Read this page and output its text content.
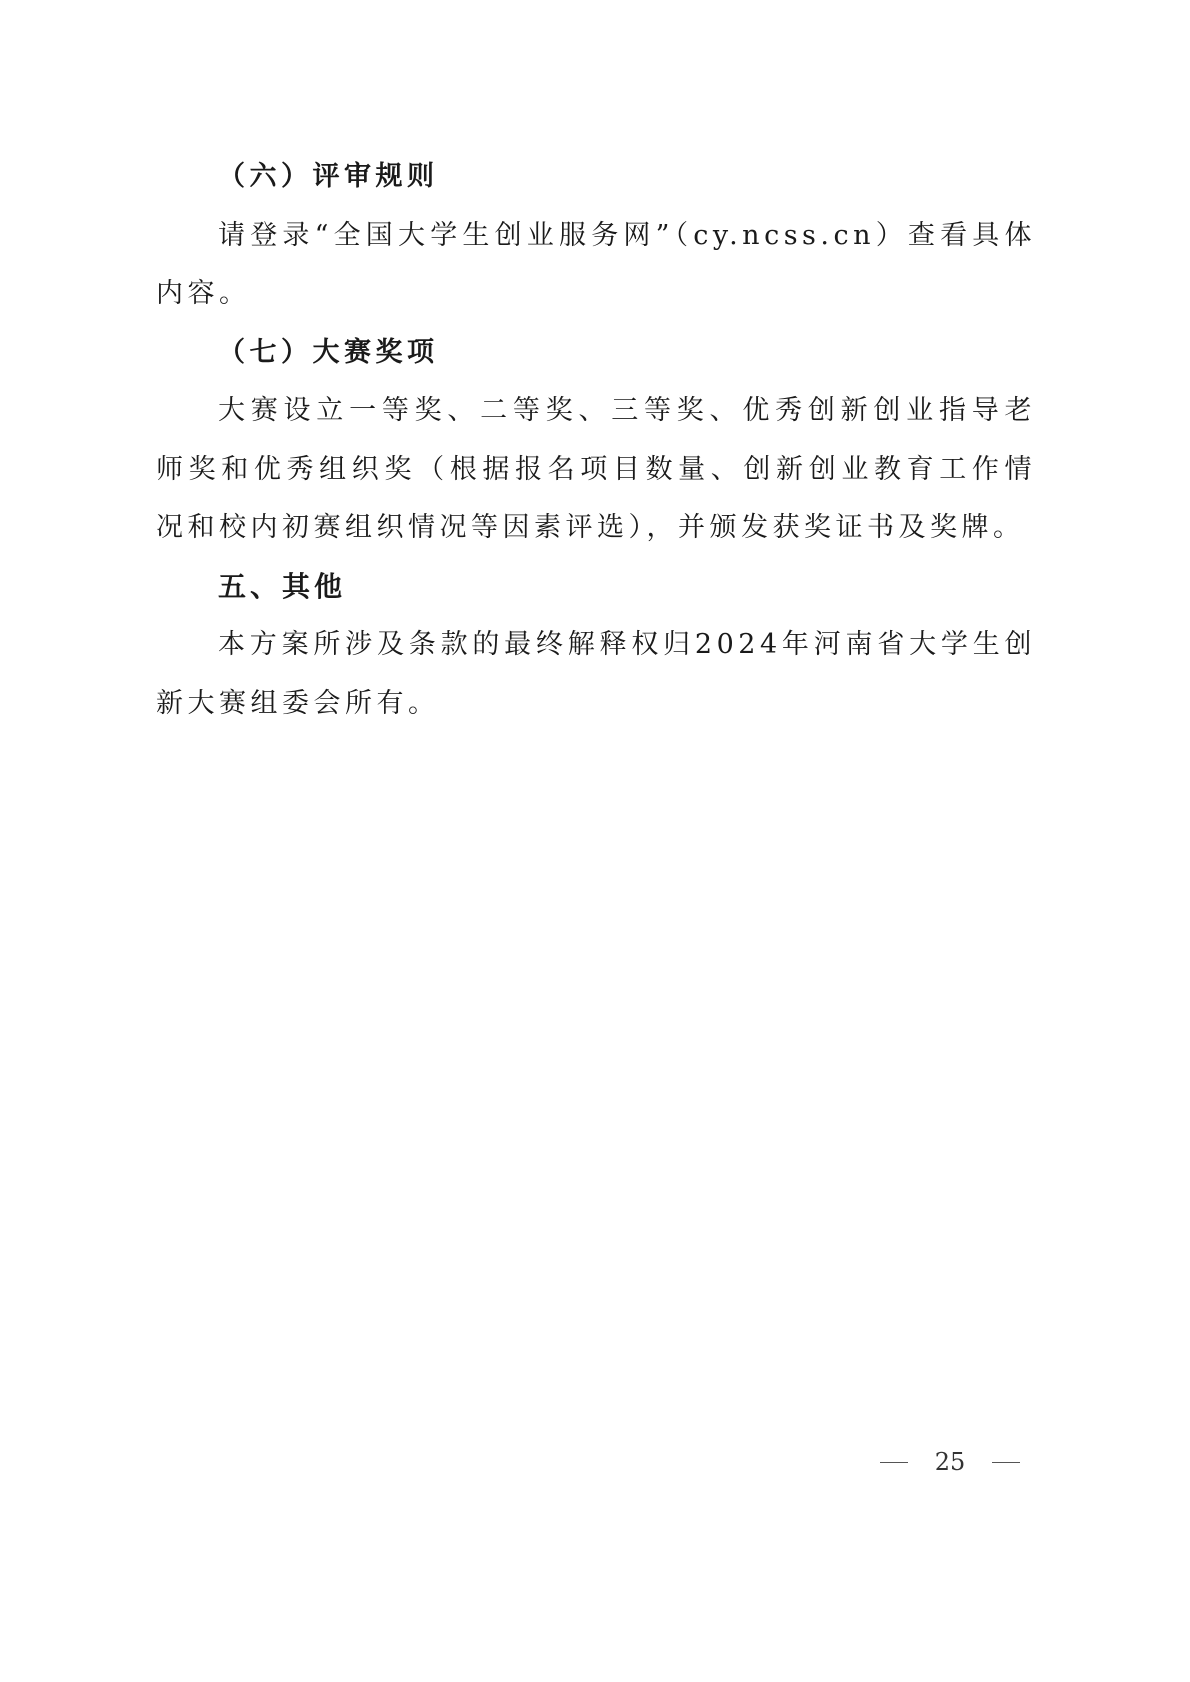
（六）评审规则

请登录“全国大学生创业服务网”（cy.ncss.cn）查看具体内容。

（七）大赛奖项

大赛设立一等奖、二等奖、三等奖、优秀创新创业指导老师奖和优秀组织奖（根据报名项目数量、创新创业教育工作情况和校内初赛组织情况等因素评选），并颁发获奖证书及奖牌。

五、其他

本方案所涉及条款的最终解释权归2024年河南省大学生创新大赛组委会所有。

25
